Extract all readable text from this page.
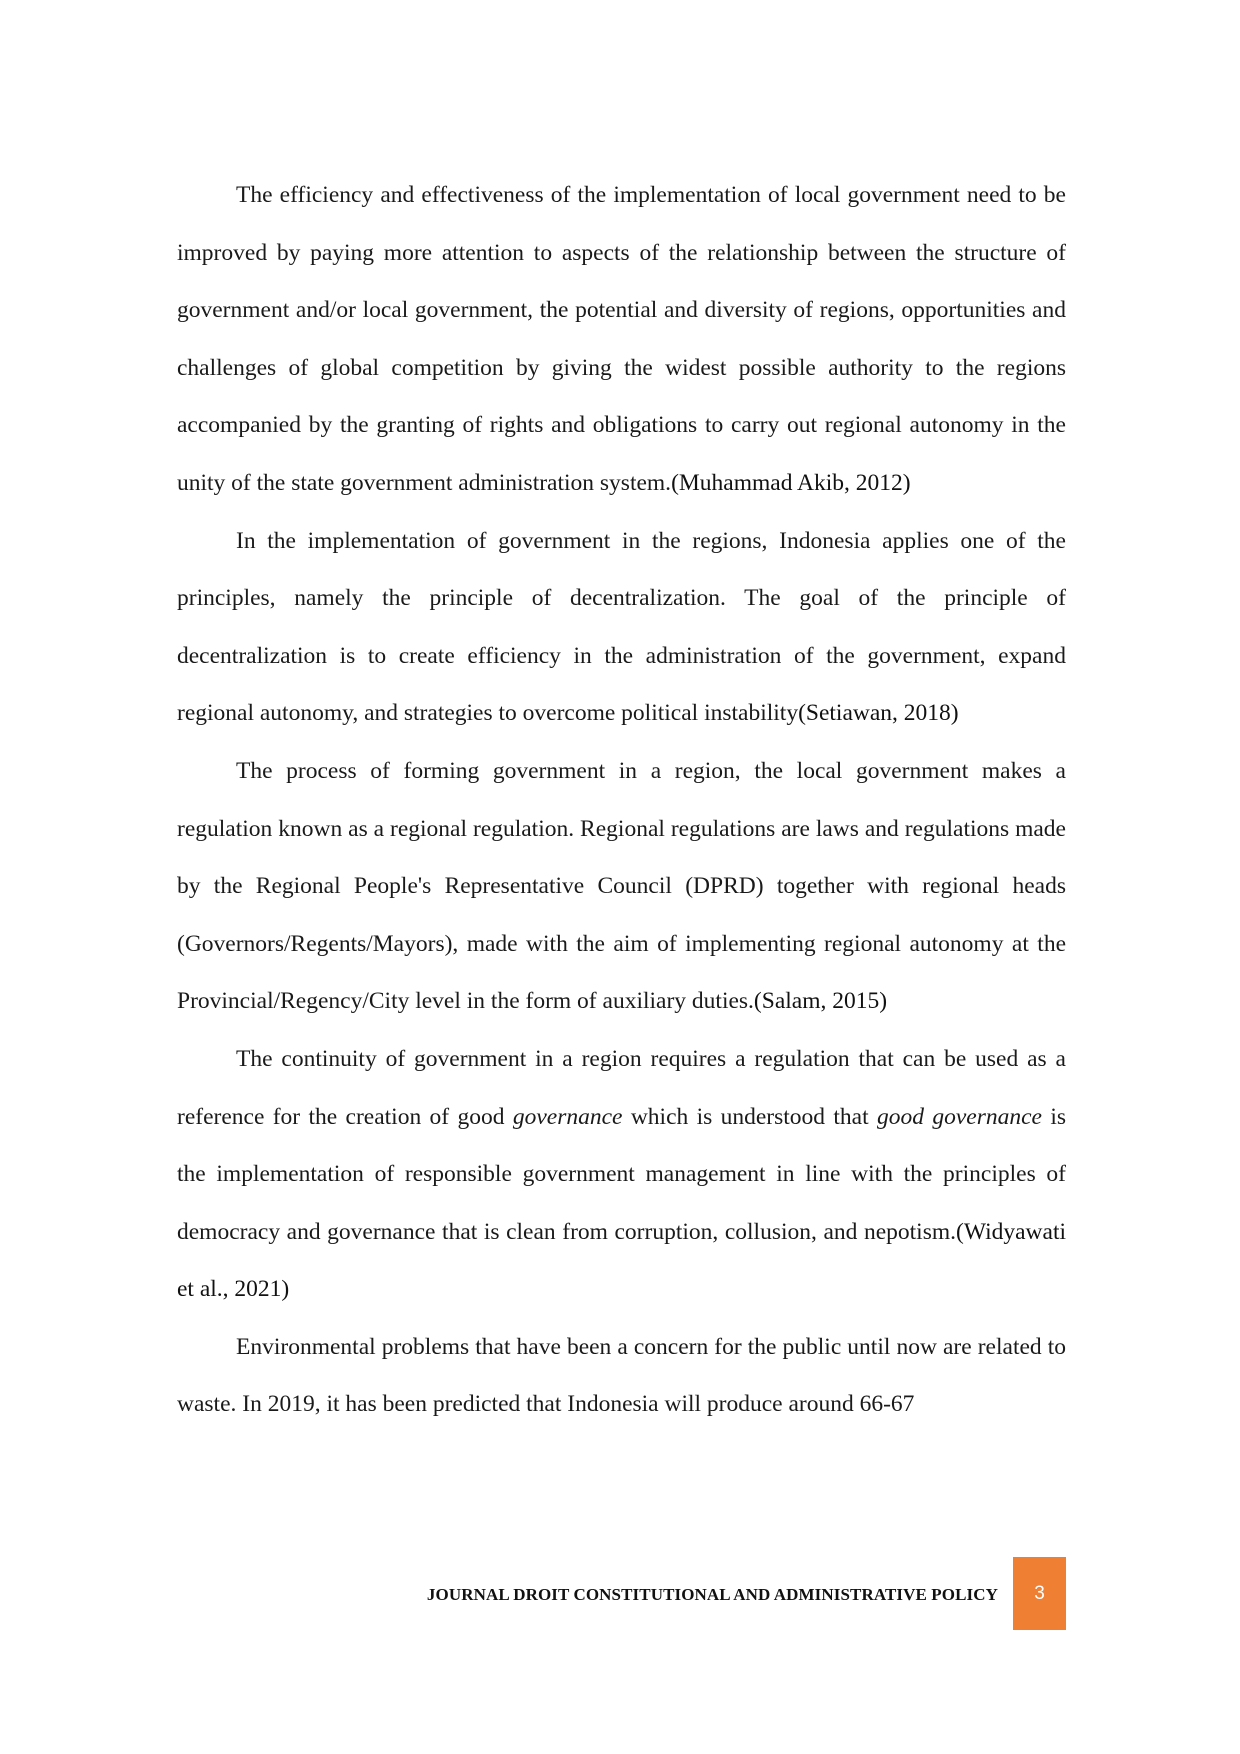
The efficiency and effectiveness of the implementation of local government need to be improved by paying more attention to aspects of the relationship between the structure of government and/or local government, the potential and diversity of regions, opportunities and challenges of global competition by giving the widest possible authority to the regions accompanied by the granting of rights and obligations to carry out regional autonomy in the unity of the state government administration system.(Muhammad Akib, 2012)

In the implementation of government in the regions, Indonesia applies one of the principles, namely the principle of decentralization. The goal of the principle of decentralization is to create efficiency in the administration of the government, expand regional autonomy, and strategies to overcome political instability(Setiawan, 2018)

The process of forming government in a region, the local government makes a regulation known as a regional regulation. Regional regulations are laws and regulations made by the Regional People's Representative Council (DPRD) together with regional heads (Governors/Regents/Mayors), made with the aim of implementing regional autonomy at the Provincial/Regency/City level in the form of auxiliary duties.(Salam, 2015)

The continuity of government in a region requires a regulation that can be used as a reference for the creation of good governance which is understood that good governance is the implementation of responsible government management in line with the principles of democracy and governance that is clean from corruption, collusion, and nepotism.(Widyawati et al., 2021)

Environmental problems that have been a concern for the public until now are related to waste. In 2019, it has been predicted that Indonesia will produce around 66-67

JOURNAL DROIT CONSTITUTIONAL AND ADMINISTRATIVE POLICY 3
